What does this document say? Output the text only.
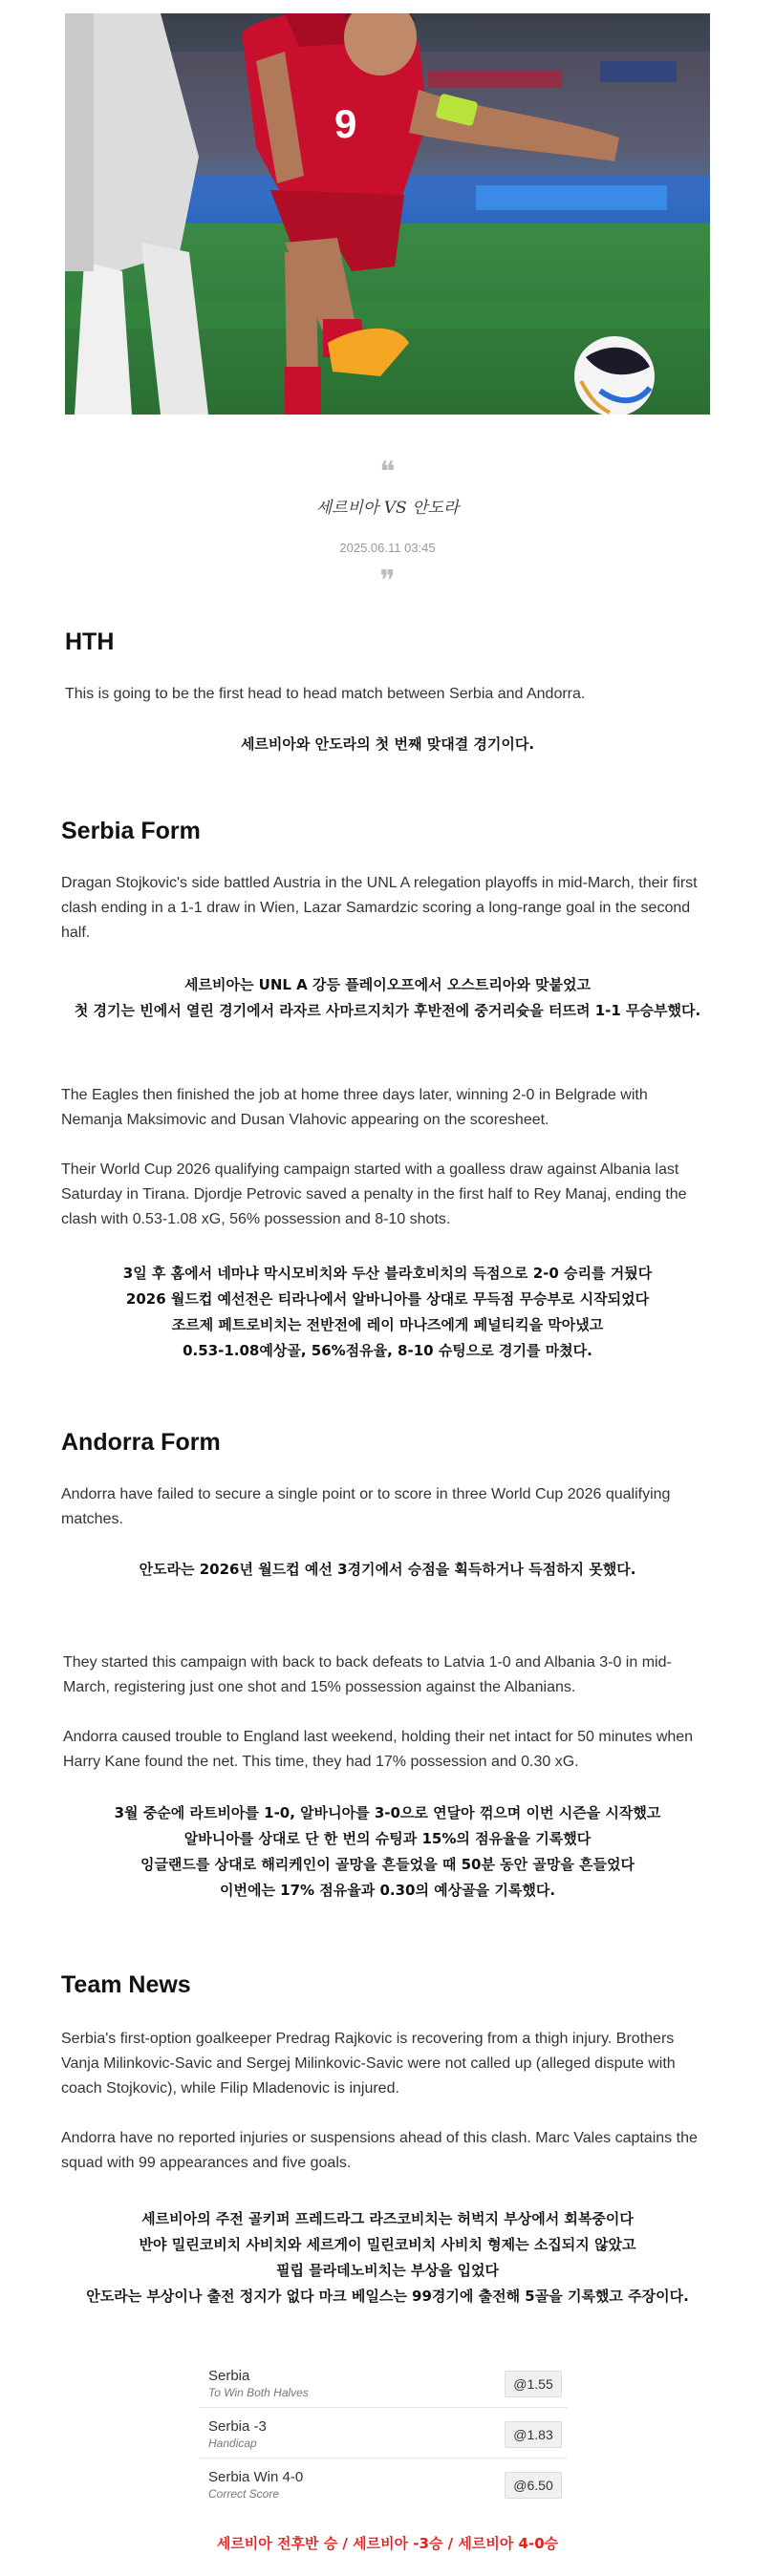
9
❝
세르비아 VS 안도라
2025.06.11 03:45
❞
HTH

This is going to be the first head to head match between Serbia and Andorra.

세르비아와 안도라의 첫 번째 맞대결 경기이다.
Serbia Form

Dragan Stojkovic's side battled Austria in the UNL A relegation playoffs in mid-March, their first clash ending in a 1-1 draw in Wien, Lazar Samardzic scoring a long-range goal in the second half.

세르비아는 UNL A 강등 플레이오프에서 오스트리아와 맞붙었고
첫 경기는 빈에서 열린 경기에서 라자르 사마르지치가 후반전에 중거리슛을 터뜨려 1-1 무승부했다.

The Eagles then finished the job at home three days later, winning 2-0 in Belgrade with Nemanja Maksimovic and Dusan Vlahovic appearing on the scoresheet.

Their World Cup 2026 qualifying campaign started with a goalless draw against Albania last Saturday in Tirana. Djordje Petrovic saved a penalty in the first half to Rey Manaj, ending the clash with 0.53-1.08 xG, 56% possession and 8-10 shots.

3일 후 홈에서 네마냐 막시모비치와 두산 블라호비치의 득점으로 2-0 승리를 거뒀다
2026 월드컵 예선전은 티라나에서 알바니아를 상대로 무득점 무승부로 시작되었다
조르제 페트로비치는 전반전에 레이 마나즈에게 페널티킥을 막아냈고
0.53-1.08예상골, 56%점유율, 8-10 슈팅으로 경기를 마쳤다.
Andorra Form

Andorra have failed to secure a single point or to score in three World Cup 2026 qualifying matches.

안도라는 2026년 월드컵 예선 3경기에서 승점을 획득하거나 득점하지 못했다.

They started this campaign with back to back defeats to Latvia 1-0 and Albania 3-0 in mid-March, registering just one shot and 15% possession against the Albanians.

Andorra caused trouble to England last weekend, holding their net intact for 50 minutes when Harry Kane found the net. This time, they had 17% possession and 0.30 xG.

3월 중순에 라트비아를 1-0, 알바니아를 3-0으로 연달아 꺾으며 이번 시즌을 시작했고
알바니아를 상대로 단 한 번의 슈팅과 15%의 점유율을 기록했다
잉글랜드를 상대로 해리케인이 골망을 흔들었을 때 50분 동안 골망을 흔들었다
이번에는 17% 점유율과 0.30의 예상골을 기록했다.
Team News

Serbia's first-option goalkeeper Predrag Rajkovic is recovering from a thigh injury. Brothers Vanja Milinkovic-Savic and Sergej Milinkovic-Savic were not called up (alleged dispute with coach Stojkovic), while Filip Mladenovic is injured.

Andorra have no reported injuries or suspensions ahead of this clash. Marc Vales captains the squad with 99 appearances and five goals.

세르비아의 주전 골키퍼 프레드라그 라즈코비치는 허벅지 부상에서 회복중이다
반야 밀린코비치 사비치와 세르게이 밀린코비치 사비치 형제는 소집되지 않았고
필립 믈라데노비치는 부상을 입었다
안도라는 부상이나 출전 정지가 없다 마크 베일스는 99경기에 출전해 5골을 기록했고 주장이다.
Serbia
To Win Both Halves
@1.55
Serbia -3
Handicap
@1.83
Serbia Win 4-0
Correct Score
@6.50
세르비아 전후반 승 / 세르비아 -3승 / 세르비아 4-0승
